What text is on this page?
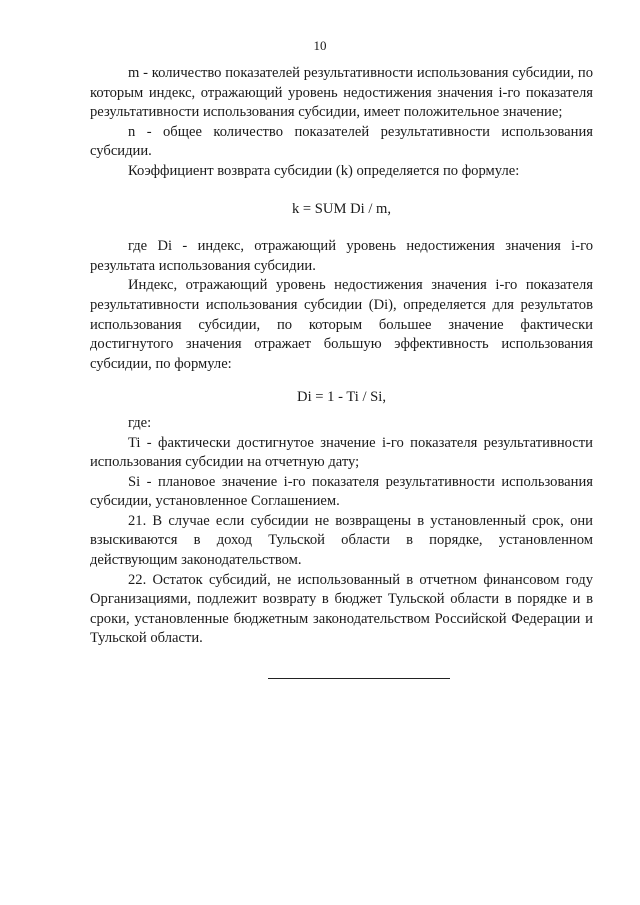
10

m - количество показателей результативности использования субсидии, по которым индекс, отражающий уровень недостижения значения i-го показателя результативности использования субсидии, имеет положительное значение;

n - общее количество показателей результативности использования субсидии.

Коэффициент возврата субсидии (k) определяется по формуле:

k = SUM Di / m,

где Di - индекс, отражающий уровень недостижения значения i-го результата использования субсидии.

Индекс, отражающий уровень недостижения значения i-го показателя результативности использования субсидии (Di), определяется для результатов использования субсидии, по которым большее значение фактически достигнутого значения отражает большую эффективность использования субсидии, по формуле:

Di = 1 - Ti / Si,

где:

Ti - фактически достигнутое значение i-го показателя результативности использования субсидии на отчетную дату;

Si - плановое значение i-го показателя результативности использования субсидии, установленное Соглашением.

21. В случае если субсидии не возвращены в установленный срок, они взыскиваются в доход Тульской области в порядке, установленном действующим законодательством.

22. Остаток субсидий, не использованный в отчетном финансовом году Организациями, подлежит возврату в бюджет Тульской области в порядке и в сроки, установленные бюджетным законодательством Российской Федерации и Тульской области.
